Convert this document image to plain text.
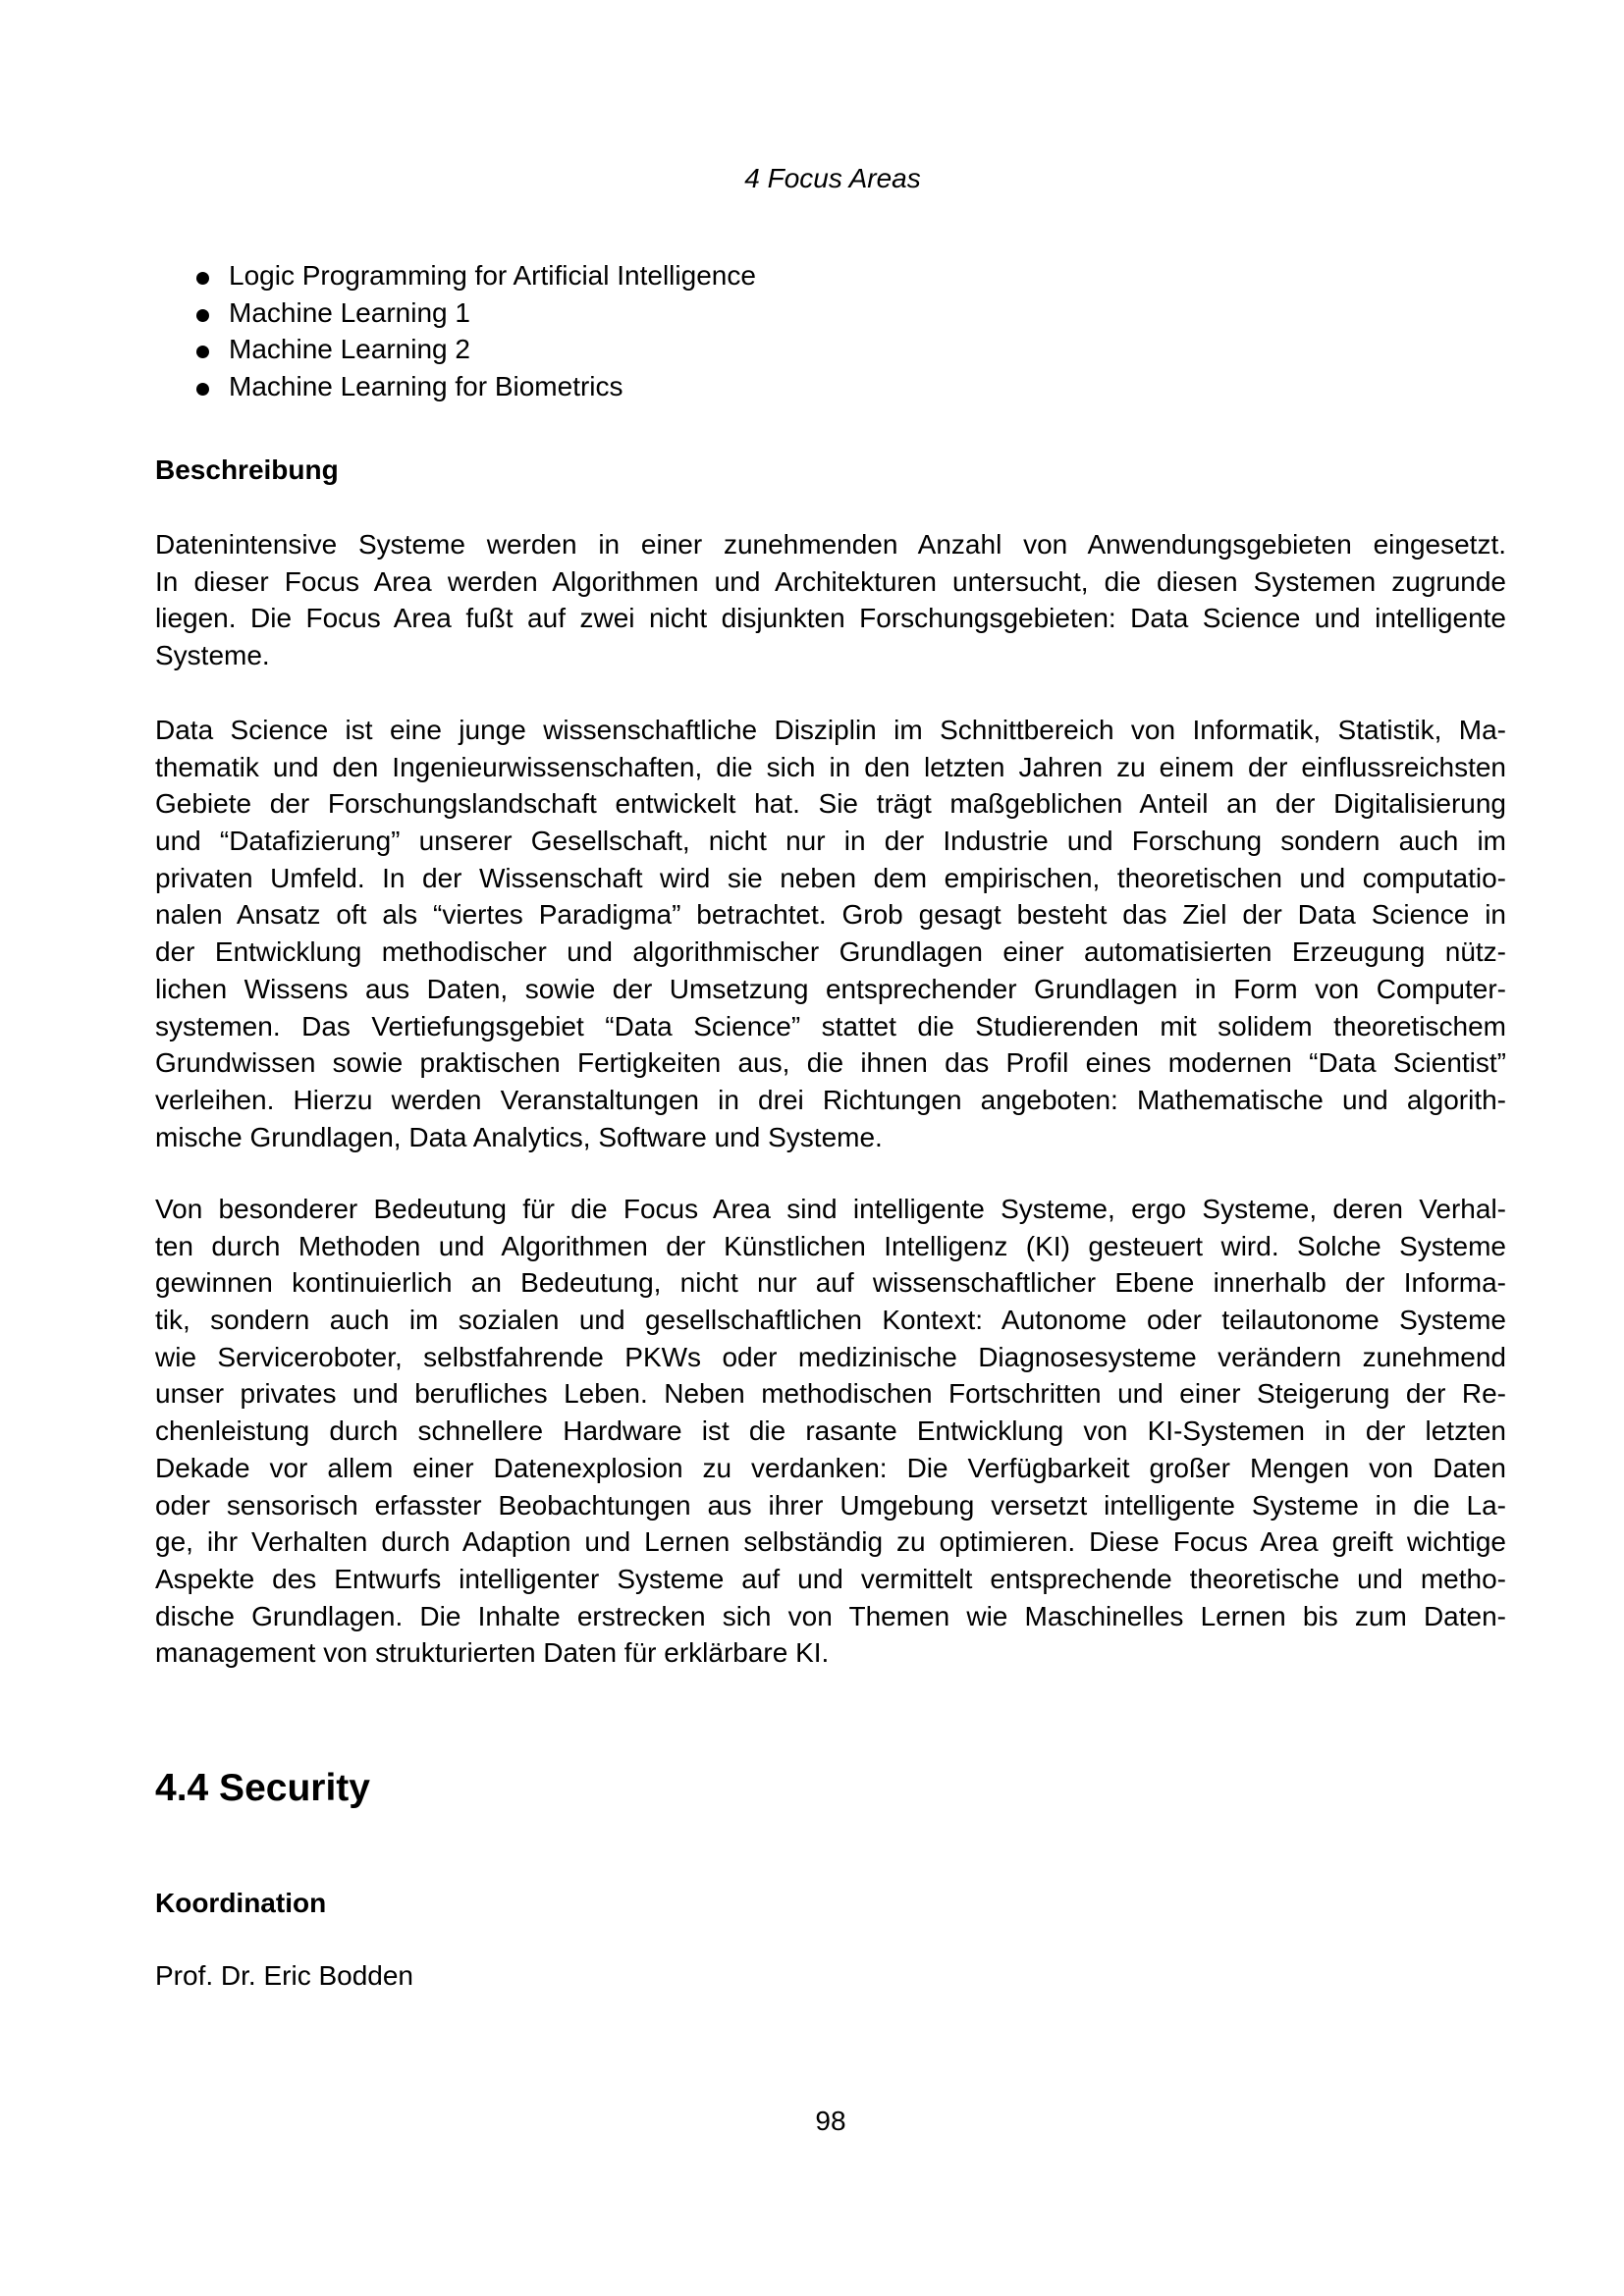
4 Focus Areas
Logic Programming for Artificial Intelligence
Machine Learning 1
Machine Learning 2
Machine Learning for Biometrics
Beschreibung
Datenintensive Systeme werden in einer zunehmenden Anzahl von Anwendungsgebieten eingesetzt.
In dieser Focus Area werden Algorithmen und Architekturen untersucht, die diesen Systemen zugrunde
liegen. Die Focus Area fußt auf zwei nicht disjunkten Forschungsgebieten: Data Science und intelligente
Systeme.
Data Science ist eine junge wissenschaftliche Disziplin im Schnittbereich von Informatik, Statistik, Ma-
thematik und den Ingenieurwissenschaften, die sich in den letzten Jahren zu einem der einflussreichsten
Gebiete der Forschungslandschaft entwickelt hat. Sie trägt maßgeblichen Anteil an der Digitalisierung
und “Datafizierung” unserer Gesellschaft, nicht nur in der Industrie und Forschung sondern auch im
privaten Umfeld. In der Wissenschaft wird sie neben dem empirischen, theoretischen und computatio-
nalen Ansatz oft als “viertes Paradigma” betrachtet. Grob gesagt besteht das Ziel der Data Science in
der Entwicklung methodischer und algorithmischer Grundlagen einer automatisierten Erzeugung nütz-
lichen Wissens aus Daten, sowie der Umsetzung entsprechender Grundlagen in Form von Computer-
systemen. Das Vertiefungsgebiet “Data Science” stattet die Studierenden mit solidem theoretischem
Grundwissen sowie praktischen Fertigkeiten aus, die ihnen das Profil eines modernen “Data Scientist”
verleihen. Hierzu werden Veranstaltungen in drei Richtungen angeboten: Mathematische und algorith-
mische Grundlagen, Data Analytics, Software und Systeme.
Von besonderer Bedeutung für die Focus Area sind intelligente Systeme, ergo Systeme, deren Verhal-
ten durch Methoden und Algorithmen der Künstlichen Intelligenz (KI) gesteuert wird. Solche Systeme
gewinnen kontinuierlich an Bedeutung, nicht nur auf wissenschaftlicher Ebene innerhalb der Informa-
tik, sondern auch im sozialen und gesellschaftlichen Kontext: Autonome oder teilautonome Systeme
wie Serviceroboter, selbstfahrende PKWs oder medizinische Diagnosesysteme verändern zunehmend
unser privates und berufliches Leben. Neben methodischen Fortschritten und einer Steigerung der Re-
chenleistung durch schnellere Hardware ist die rasante Entwicklung von KI-Systemen in der letzten
Dekade vor allem einer Datenexplosion zu verdanken: Die Verfügbarkeit großer Mengen von Daten
oder sensorisch erfasster Beobachtungen aus ihrer Umgebung versetzt intelligente Systeme in die La-
ge, ihr Verhalten durch Adaption und Lernen selbständig zu optimieren. Diese Focus Area greift wichtige
Aspekte des Entwurfs intelligenter Systeme auf und vermittelt entsprechende theoretische und metho-
dische Grundlagen. Die Inhalte erstrecken sich von Themen wie Maschinelles Lernen bis zum Daten-
management von strukturierten Daten für erklärbare KI.
4.4 Security
Koordination
Prof. Dr. Eric Bodden
98
